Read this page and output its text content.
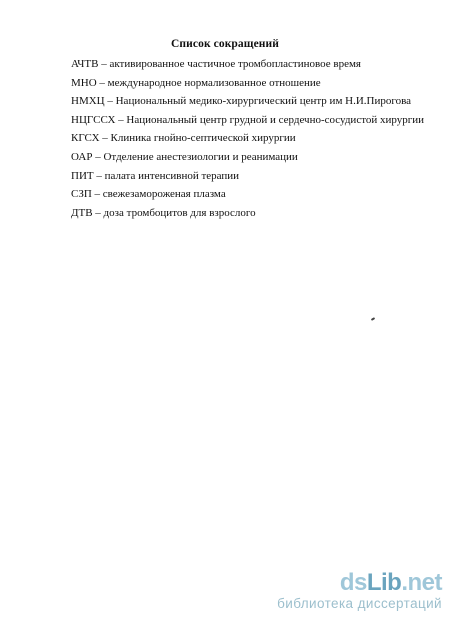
Список сокращений
АЧТВ – активированное частичное тромбопластиновое время
МНО – международное нормализованное отношение
НМХЦ – Национальный медико-хирургический центр им Н.И.Пирогова
НЦГССХ – Национальный центр грудной и сердечно-сосудистой хирургии
КГСХ – Клиника гнойно-септической хирургии
ОАР – Отделение анестезиологии и реанимации
ПИТ – палата интенсивной терапии
СЗП – свежезамороженая плазма
ДТВ – доза тромбоцитов для взрослого
dsLib.net
библиотека диссертаций
